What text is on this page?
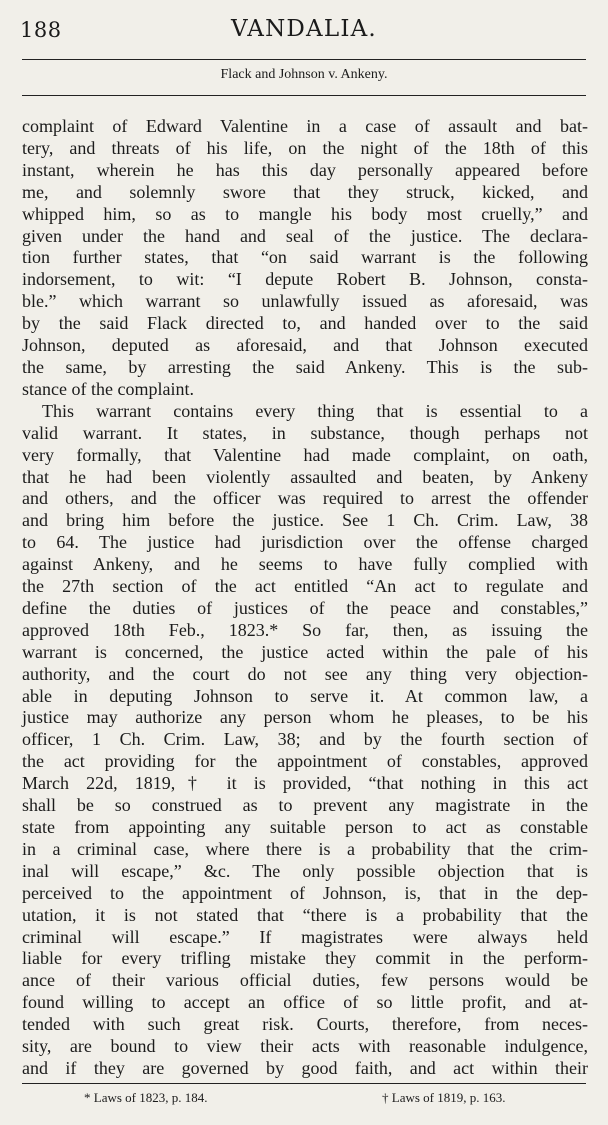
188	VANDALIA.
Flack and Johnson v. Ankeny.
complaint of Edward Valentine in a case of assault and bat-
tery, and threats of his life, on the night of the 18th of this
instant, wherein he has this day personally appeared before
me, and solemnly swore that they struck, kicked, and
whipped him, so as to mangle his body most cruelly,” and
given under the hand and seal of the justice. The declara-
tion further states, that “on said warrant is the following
indorsement, to wit: “I depute Robert B. Johnson, consta-
ble.” which warrant so unlawfully issued as aforesaid, was
by the said Flack directed to, and handed over to the said
Johnson, deputed as aforesaid, and that Johnson executed
the same, by arresting the said Ankeny. This is the sub-
stance of the complaint.
This warrant contains every thing that is essential to a
valid warrant. It states, in substance, though perhaps not
very formally, that Valentine had made complaint, on oath,
that he had been violently assaulted and beaten, by Ankeny
and others, and the officer was required to arrest the offender
and bring him before the justice. See 1 Ch. Crim. Law, 38
to 64. The justice had jurisdiction over the offense charged
against Ankeny, and he seems to have fully complied with
the 27th section of the act entitled “An act to regulate and
define the duties of justices of the peace and constables,”
approved 18th Feb., 1823.* So far, then, as issuing the
warrant is concerned, the justice acted within the pale of his
authority, and the court do not see any thing very objection-
able in deputing Johnson to serve it. At common law, a
justice may authorize any person whom he pleases, to be his
officer, 1 Ch. Crim. Law, 38; and by the fourth section of
the act providing for the appointment of constables, approved
March 22d, 1819,† it is provided, “that nothing in this act
shall be so construed as to prevent any magistrate in the
state from appointing any suitable person to act as constable
in a criminal case, where there is a probability that the crim-
inal will escape,” &c. The only possible objection that is
perceived to the appointment of Johnson, is, that in the dep-
utation, it is not stated that “there is a probability that the
criminal will escape.” If magistrates were always held
liable for every trifling mistake they commit in the perform-
ance of their various official duties, few persons would be
found willing to accept an office of so little profit, and at-
tended with such great risk. Courts, therefore, from neces-
sity, are bound to view their acts with reasonable indulgence,
and if they are governed by good faith, and act within their
* Laws of 1823, p. 184.	† Laws of 1819, p. 163.
